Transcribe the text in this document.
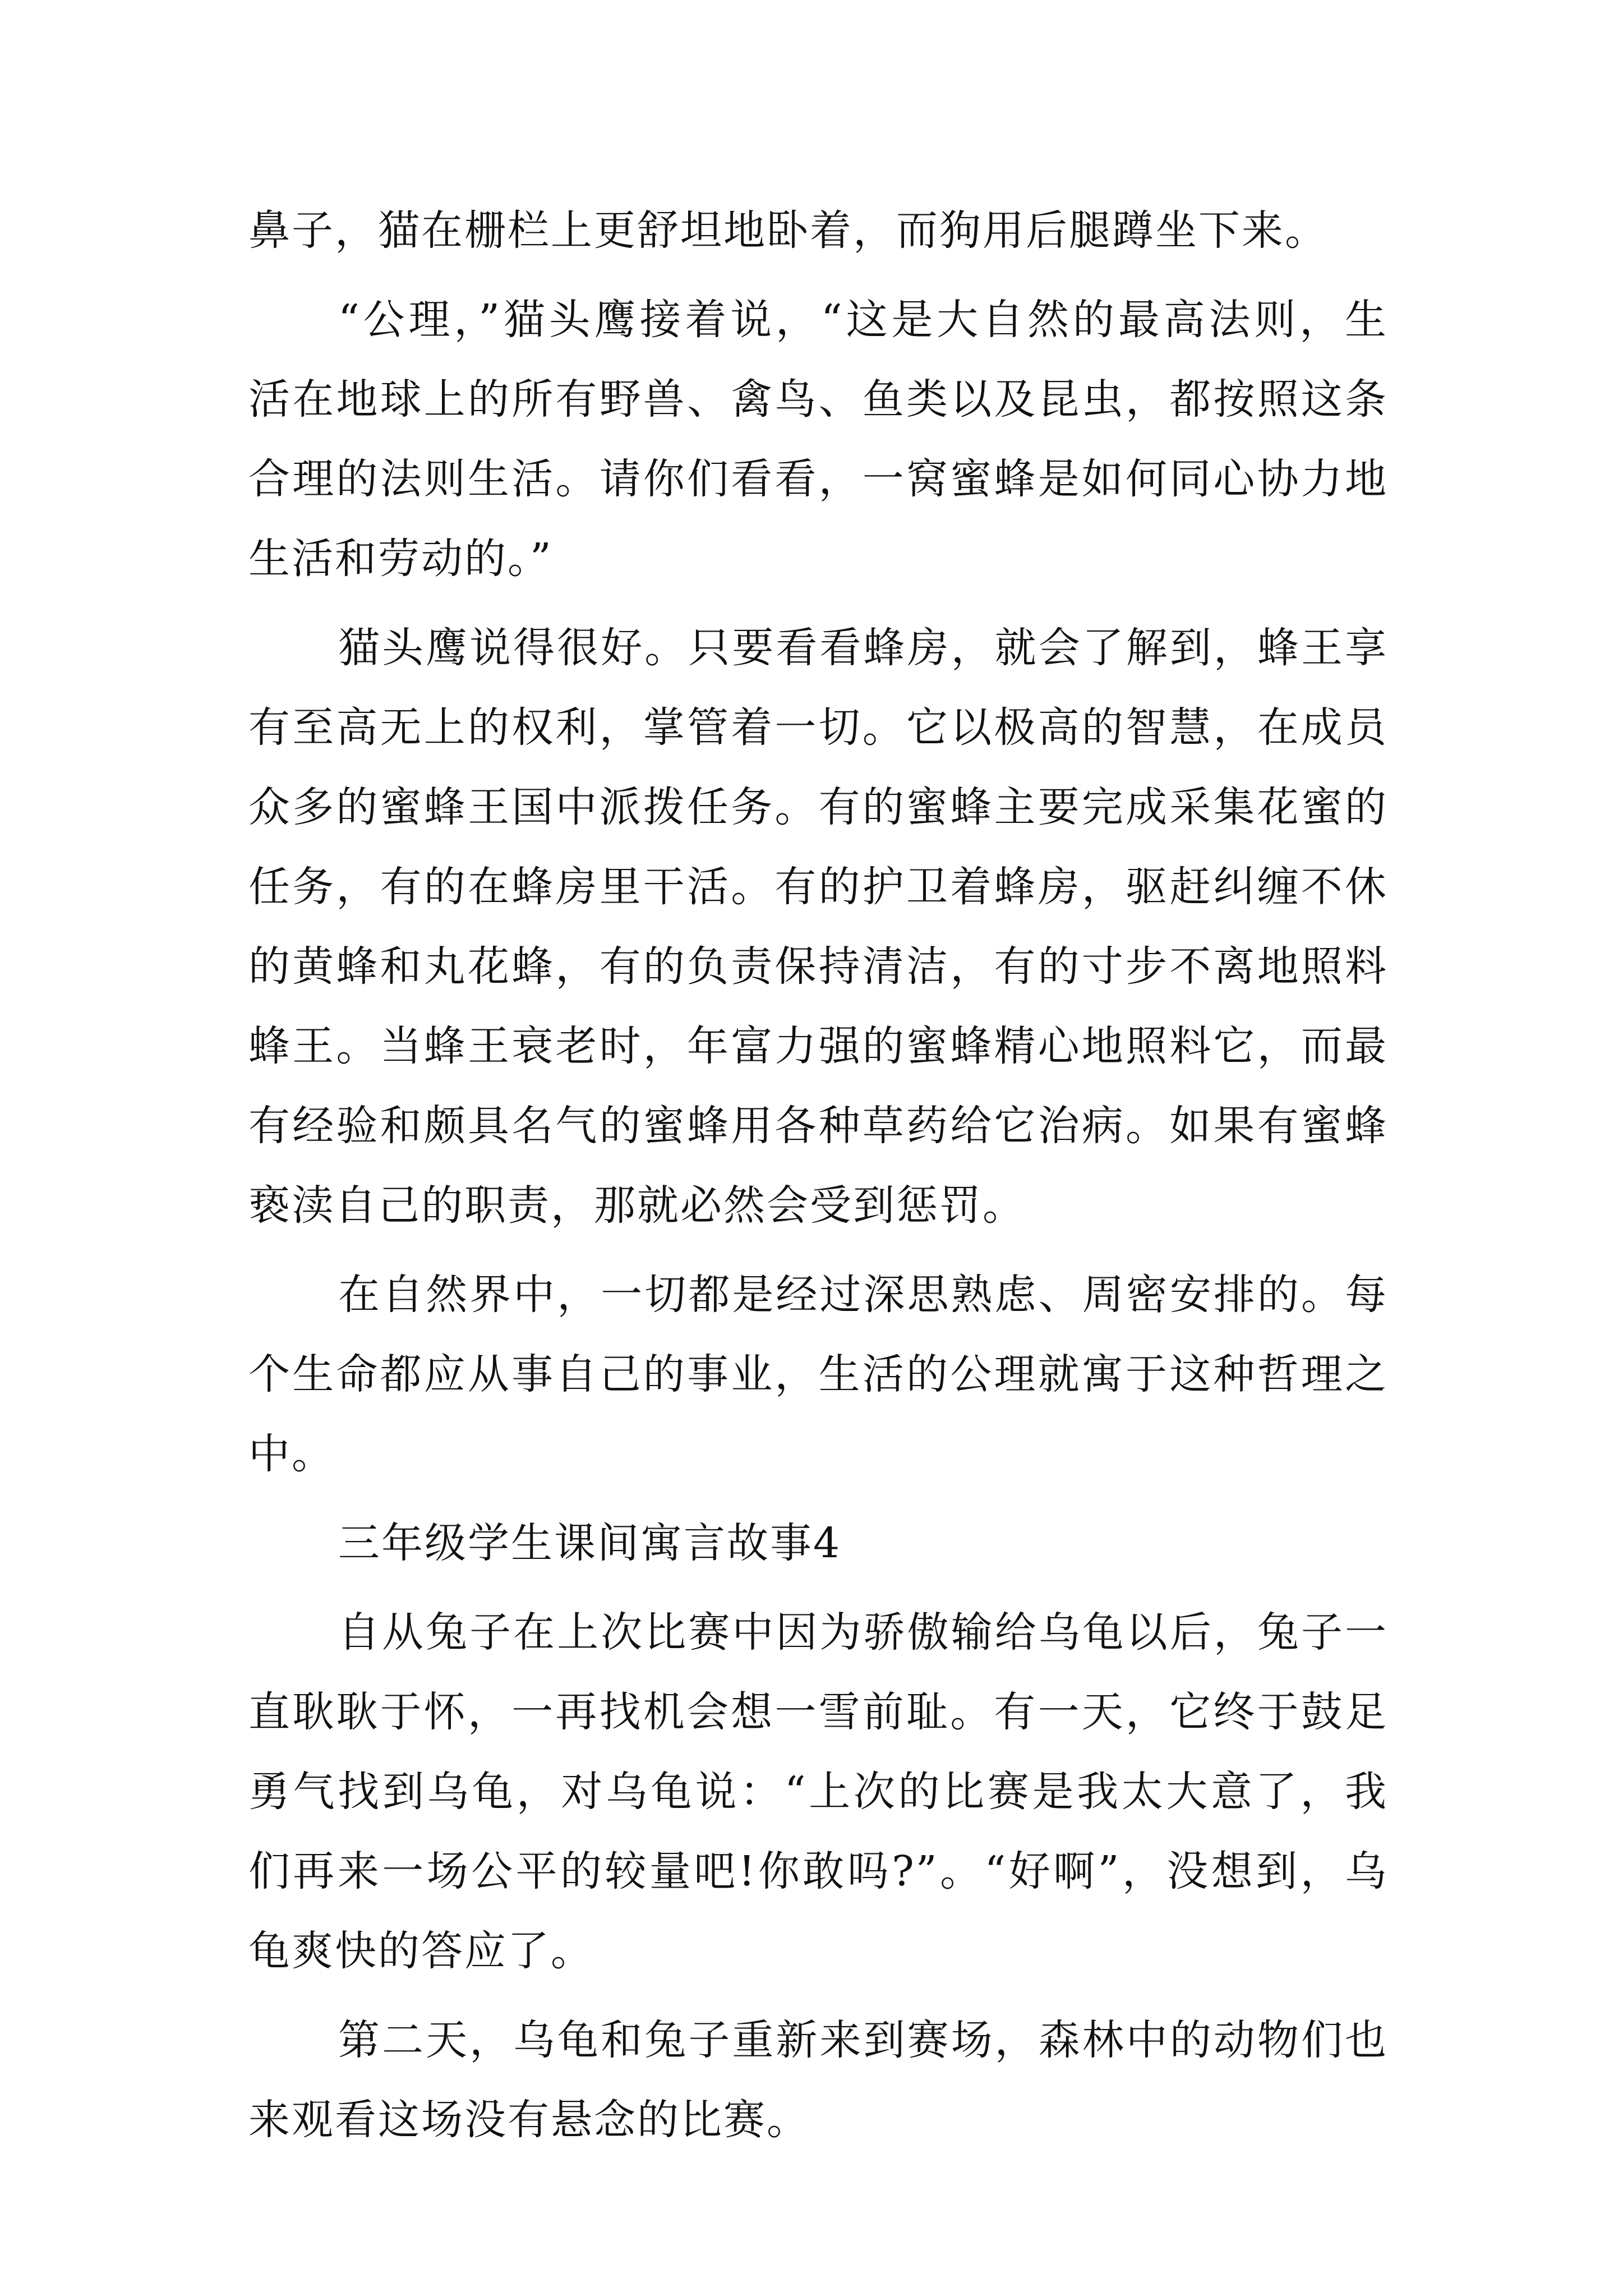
鼻子，猫在栅栏上更舒坦地卧着，而狗用后腿蹲坐下来。
“公理，”猫头鹰接着说，“这是大自然的最高法则，生
活在地球上的所有野兽、禽鸟、鱼类以及昆虫，都按照这条
合理的法则生活。请你们看看，一窝蜜蜂是如何同心协力地
生活和劳动的。”
猫头鹰说得很好。只要看看蜂房，就会了解到，蜂王享
有至高无上的权利，掌管着一切。它以极高的智慧，在成员
众多的蜜蜂王国中派拨任务。有的蜜蜂主要完成采集花蜜的
任务，有的在蜂房里干活。有的护卫着蜂房，驱赶纠缠不休
的黄蜂和丸花蜂，有的负责保持清洁，有的寸步不离地照料
蜂王。当蜂王衰老时，年富力强的蜜蜂精心地照料它，而最
有经验和颇具名气的蜜蜂用各种草药给它治病。如果有蜜蜂
亵渎自己的职责，那就必然会受到惩罚。
在自然界中，一切都是经过深思熟虑、周密安排的。每
个生命都应从事自己的事业，生活的公理就寓于这种哲理之
中。
三年级学生课间寓言故事4
自从兔子在上次比赛中因为骄傲输给乌龟以后，兔子一
直耿耿于怀，一再找机会想一雪前耻。有一天，它终于鼓足
勇气找到乌龟，对乌龟说：“上次的比赛是我太大意了，我
们再来一场公平的较量吧!你敢吗?”。“好啊”，没想到，乌
龟爽快的答应了。
第二天，乌龟和兔子重新来到赛场，森林中的动物们也
来观看这场没有悬念的比赛。
